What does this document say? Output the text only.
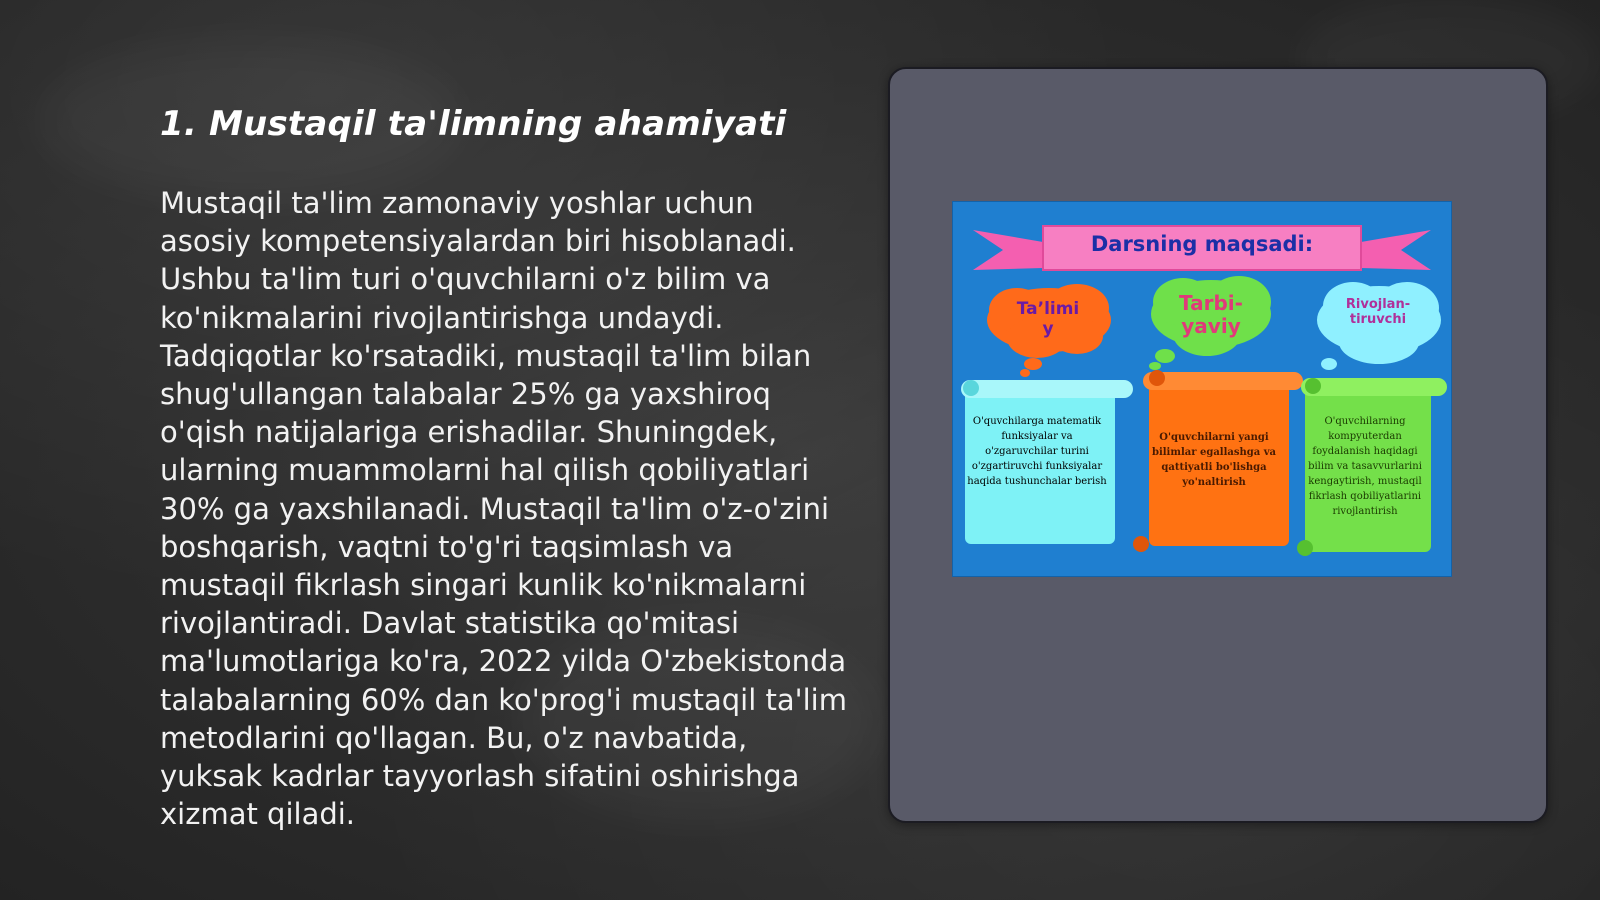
1. Mustaqil ta'limning ahamiyati

Mustaqil ta'lim zamonaviy yoshlar uchun asosiy kompetensiyalardan biri hisoblanadi. Ushbu ta'lim turi o'quvchilarni o'z bilim va ko'nikmalarini rivojlantirishga undaydi. Tadqiqotlar ko'rsatadiki, mustaqil ta'lim bilan shug'ullangan talabalar 25% ga yaxshiroq o'qish natijalariga erishadilar. Shuningdek, ularning muammolarni hal qilish qobiliyatlari 30% ga yaxshilanadi. Mustaqil ta'lim o'z-o'zini boshqarish, vaqtni to'g'ri taqsimlash va mustaqil fikrlash singari kunlik ko'nikmalarni rivojlantiradi. Davlat statistika qo'mitasi ma'lumotlariga ko'ra, 2022 yilda O'zbekistonda talabalarning 60% dan ko'prog'i mustaqil ta'lim metodlarini qo'llagan. Bu, o'z navbatida, yuksak kadrlar tayyorlash sifatini oshirishga xizmat qiladi.

Darsning maqsadi:
Ta’limi
y
Tarbi-
yaviy
Rivojlan-
tiruvchi
O'quvchilarga matematik funksiyalar va o'zgaruvchilar turini o'zgartiruvchi funksiyalar haqida tushunchalar berish
O'quvchilarni yangi bilimlar egallashga va qattiyatli bo'lishga yo'naltirish
O'quvchilarning kompyuterdan foydalanish haqidagi bilim va tasavvurlarini kengaytirish, mustaqil fikrlash qobiliyatlarini rivojlantirish
